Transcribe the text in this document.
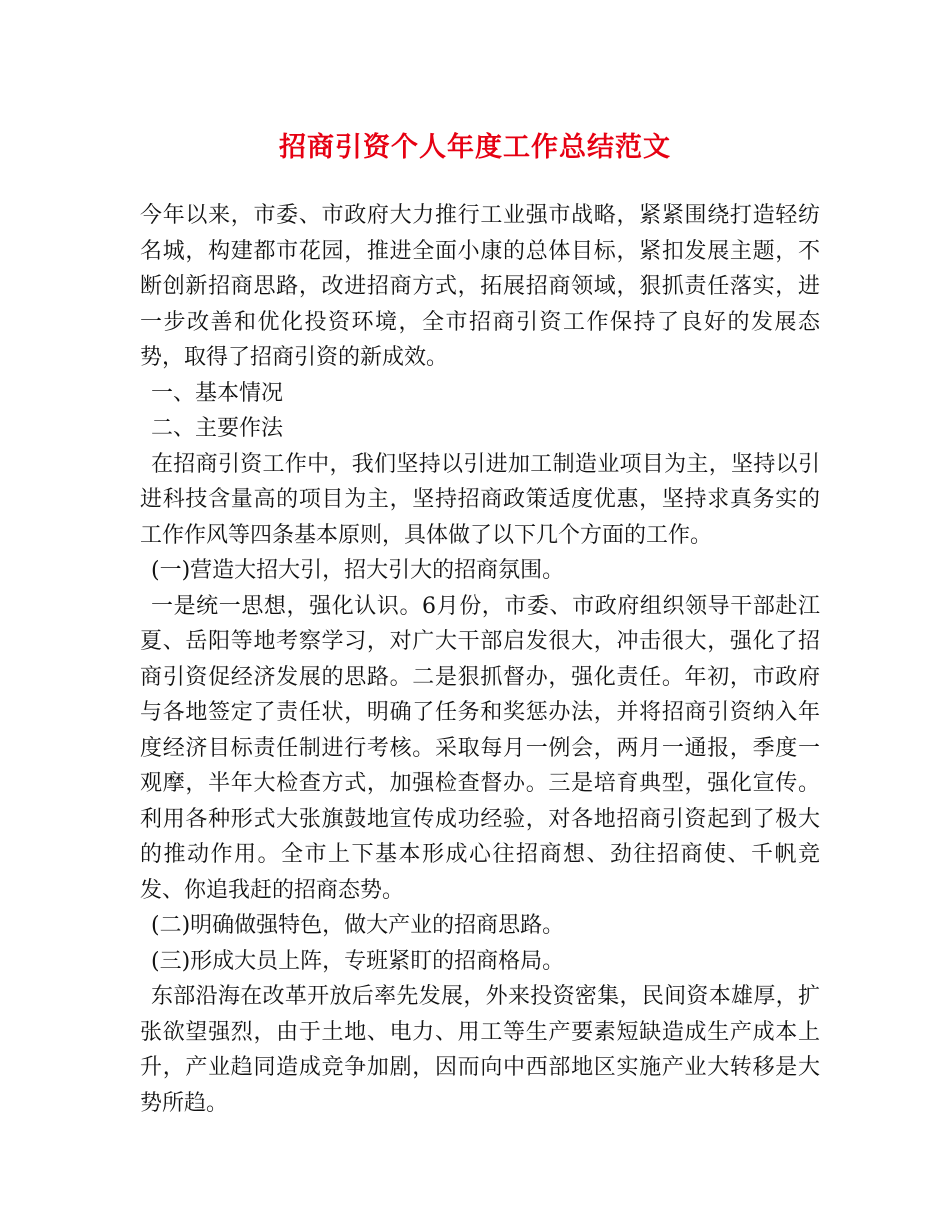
招商引资个人年度工作总结范文

今年以来，市委、市政府大力推行工业强市战略，紧紧围绕打造轻纺名城，构建都市花园，推进全面小康的总体目标，紧扣发展主题，不断创新招商思路，改进招商方式，拓展招商领域，狠抓责任落实，进一步改善和优化投资环境，全市招商引资工作保持了良好的发展态势，取得了招商引资的新成效。

一、基本情况

二、主要作法

在招商引资工作中，我们坚持以引进加工制造业项目为主，坚持以引进科技含量高的项目为主，坚持招商政策适度优惠，坚持求真务实的工作作风等四条基本原则，具体做了以下几个方面的工作。

(一)营造大招大引，招大引大的招商氛围。

一是统一思想，强化认识。6月份，市委、市政府组织领导干部赴江夏、岳阳等地考察学习，对广大干部启发很大，冲击很大，强化了招商引资促经济发展的思路。二是狠抓督办，强化责任。年初，市政府与各地签定了责任状，明确了任务和奖惩办法，并将招商引资纳入年度经济目标责任制进行考核。采取每月一例会，两月一通报，季度一观摩，半年大检查方式，加强检查督办。三是培育典型，强化宣传。利用各种形式大张旗鼓地宣传成功经验，对各地招商引资起到了极大的推动作用。全市上下基本形成心往招商想、劲往招商使、千帆竞发、你追我赶的招商态势。

(二)明确做强特色，做大产业的招商思路。

(三)形成大员上阵，专班紧盯的招商格局。

东部沿海在改革开放后率先发展，外来投资密集，民间资本雄厚，扩张欲望强烈，由于土地、电力、用工等生产要素短缺造成生产成本上升，产业趋同造成竞争加剧，因而向中西部地区实施产业大转移是大势所趋。
